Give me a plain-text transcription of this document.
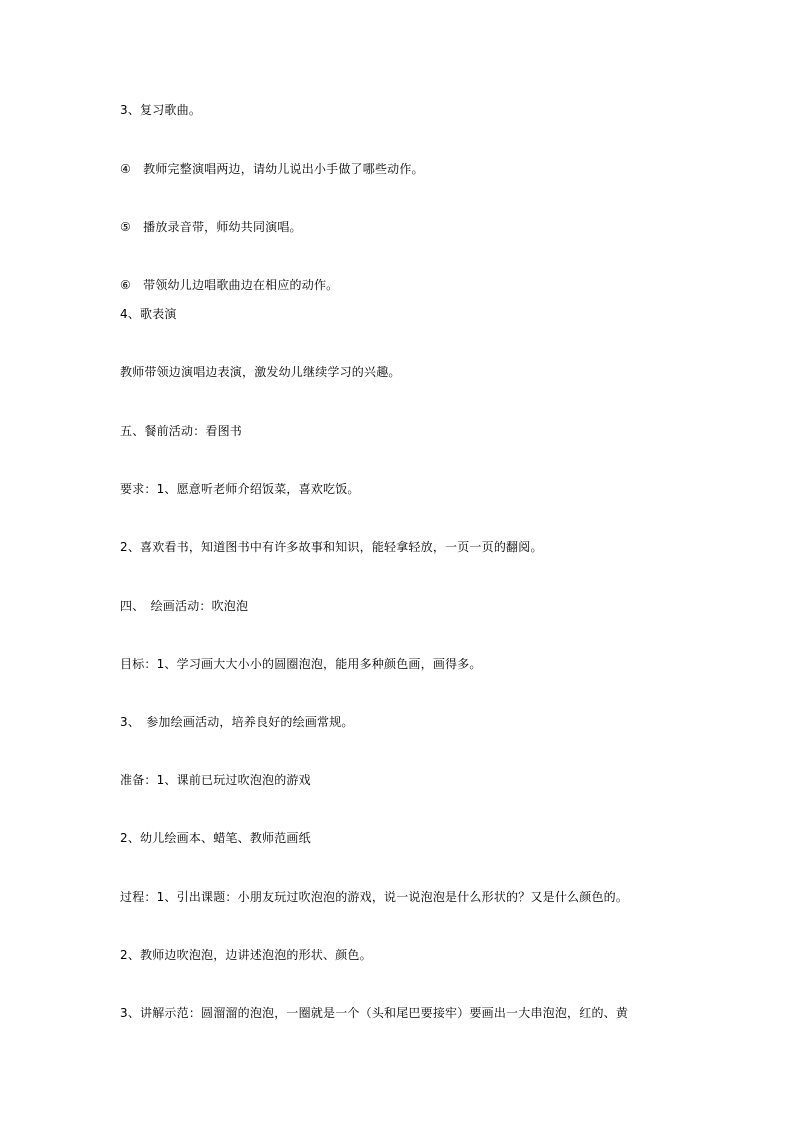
3、复习歌曲。
④　教师完整演唱两边，请幼儿说出小手做了哪些动作。
⑤　播放录音带，师幼共同演唱。
⑥　带领幼儿边唱歌曲边在相应的动作。
4、歌表演
教师带领边演唱边表演，激发幼儿继续学习的兴趣。
五、餐前活动：看图书
要求：1、愿意听老师介绍饭菜，喜欢吃饭。
2、喜欢看书，知道图书中有许多故事和知识，能轻拿轻放，一页一页的翻阅。
四、　绘画活动：吹泡泡
目标：1、学习画大大小小的圆圈泡泡，能用多种颜色画，画得多。
3、　参加绘画活动，培养良好的绘画常规。
准备：1、课前已玩过吹泡泡的游戏
2、幼儿绘画本、蜡笔、教师范画纸
过程：1、引出课题：小朋友玩过吹泡泡的游戏，说一说泡泡是什么形状的？又是什么颜色的。
2、教师边吹泡泡，边讲述泡泡的形状、颜色。
3、讲解示范：圆溜溜的泡泡，一圈就是一个（头和尾巴要接牢）要画出一大串泡泡，红的、黄
